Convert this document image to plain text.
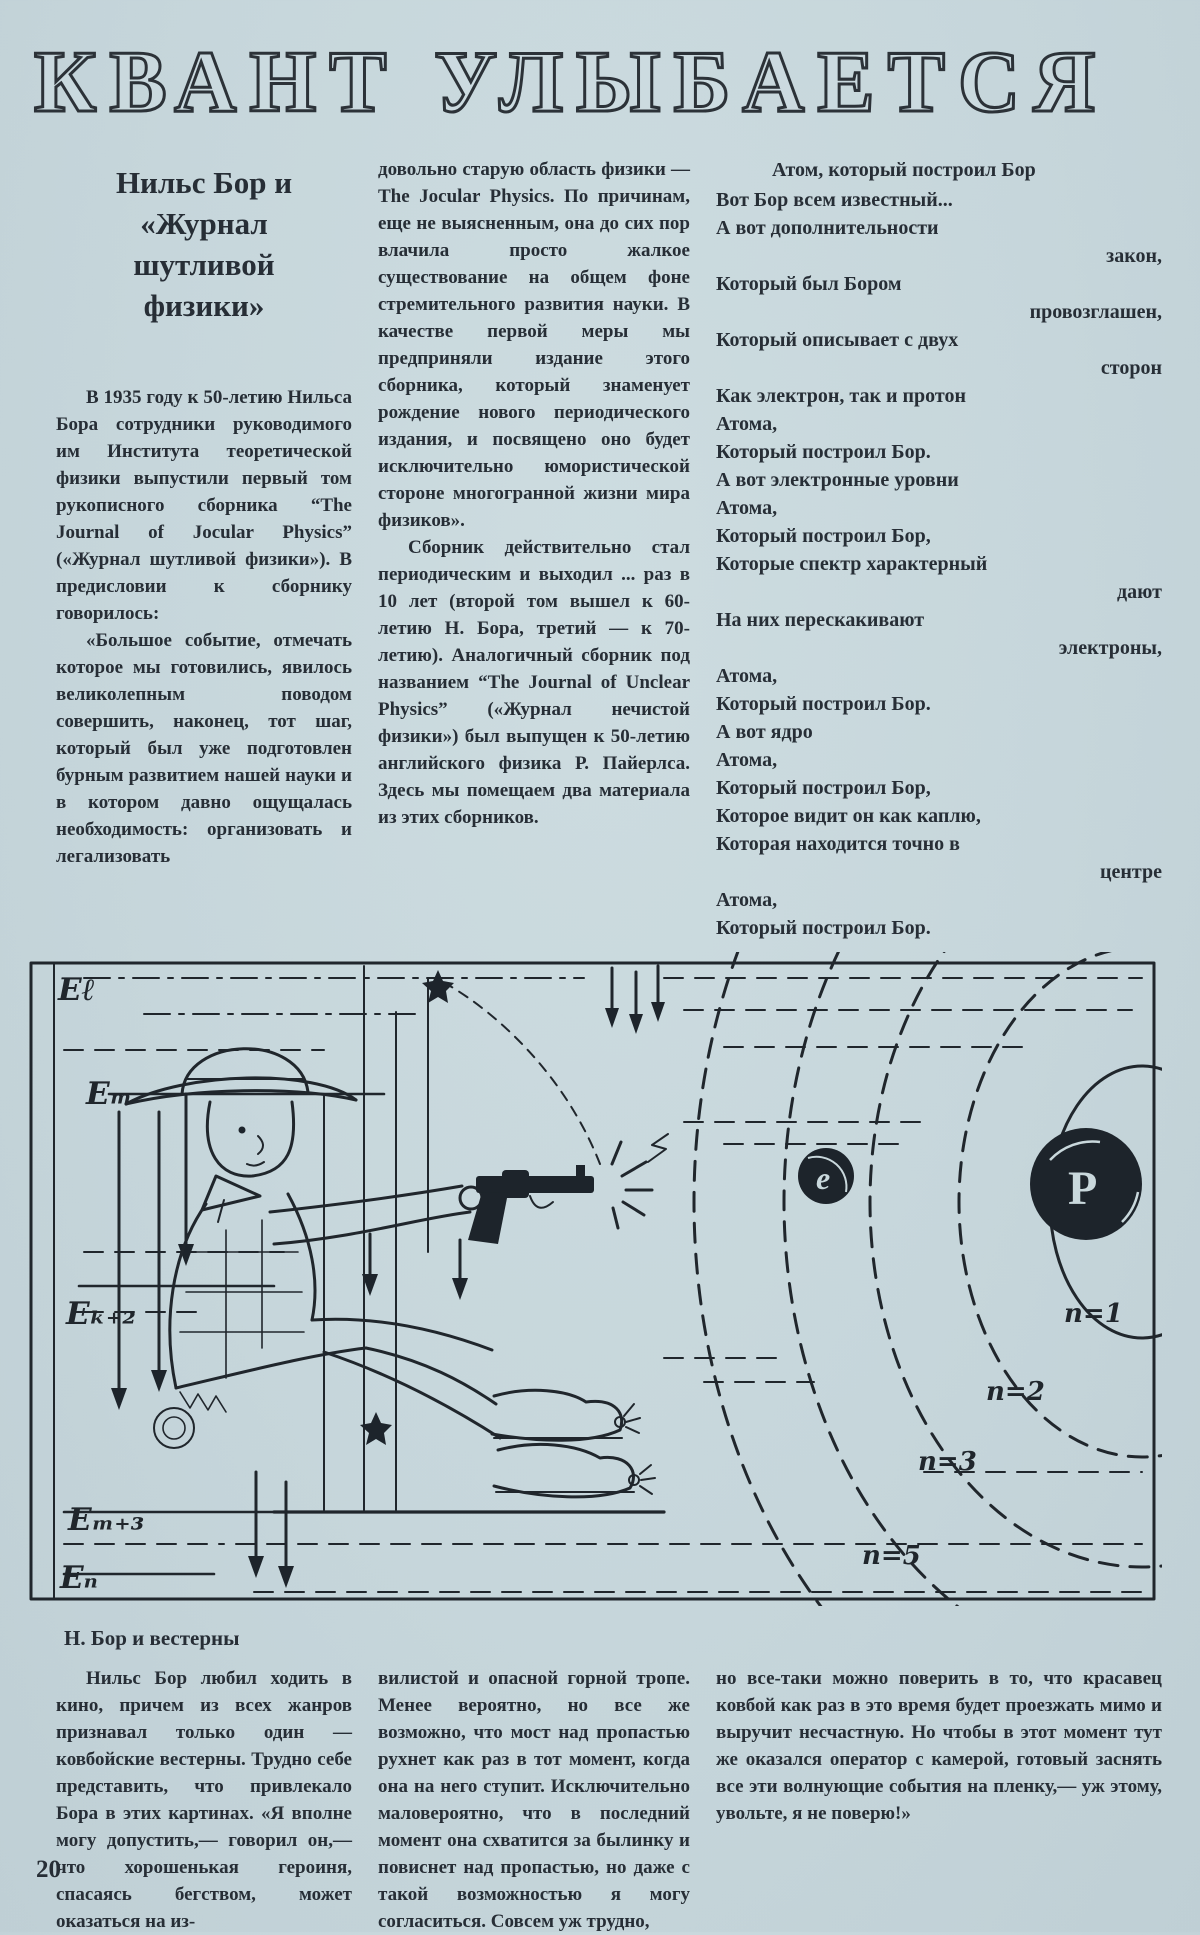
КВАНТ УЛЫБАЕТСЯ
Нильс Бор и «Журнал шутливой физики»

В 1935 году к 50-летию Нильса Бора сотрудники руководимого им Института теоретической физики выпустили первый том рукописного сборника “The Journal of Jocular Physics” («Журнал шутливой физики»). В предисловии к сборнику говорилось:

«Большое событие, отмечать которое мы готовились, явилось великолепным поводом совершить, наконец, тот шаг, который был уже подготовлен бурным развитием нашей науки и в котором давно ощущалась необходимость: организовать и легализовать

довольно старую область физики — The Jocular Physics. По причинам, еще не выясненным, она до сих пор влачила просто жалкое существование на общем фоне стремительного развития науки. В качестве первой меры мы предприняли издание этого сборника, который знаменует рождение нового периодического издания, и посвящено оно будет исключительно юмористической стороне многогранной жизни мира физиков».

Сборник действительно стал периодическим и выходил ... раз в 10 лет (второй том вышел к 60-летию Н. Бора, третий — к 70-летию). Аналогичный сборник под названием “The Journal of Unclear Physics” («Журнал нечистой физики») был выпущен к 50-летию английского физика Р. Пайерлса. Здесь мы помещаем два материала из этих сборников.

Атом, который построил Бор
Вот Бор всем известный...
А вот дополнительности
закон,
Который был Бором
провозглашен,
Который описывает с двух
сторон
Как электрон, так и протон
Атома,
Который построил Бор.
А вот электронные уровни
Атома,
Который построил Бор,
Которые спектр характерный
дают
На них перескакивают
электроны,
Атома,
Который построил Бор.
А вот ядро
Атома,
Который построил Бор,
Которое видит он как каплю,
Которая находится точно в
центре
Атома,
Который построил Бор.
e	P
Eℓ
Eₘ
Eₖ₊₂
Eₘ₊₃
Eₙ
n=1
n=2
n=3
n=5
Н. Бор и вестерны

Нильс Бор любил ходить в кино, причем из всех жанров признавал только один — ковбойские вестерны. Трудно себе представить, что привлекало Бора в этих картинах. «Я вполне могу допустить,— говорил он,— что хорошенькая героиня, спасаясь бегством, может оказаться на из-

вилистой и опасной горной тропе. Менее вероятно, но все же возможно, что мост над пропастью рухнет как раз в тот момент, когда она на него ступит. Исключительно маловероятно, что в последний момент она схватится за былинку и повиснет над пропастью, но даже с такой возможностью я могу согласиться. Совсем уж трудно,

но все-таки можно поверить в то, что красавец ковбой как раз в это время будет проезжать мимо и выручит несчастную. Но чтобы в этот момент тут же оказался оператор с камерой, готовый заснять все эти волнующие события на пленку,— уж этому, увольте, я не поверю!»

20
